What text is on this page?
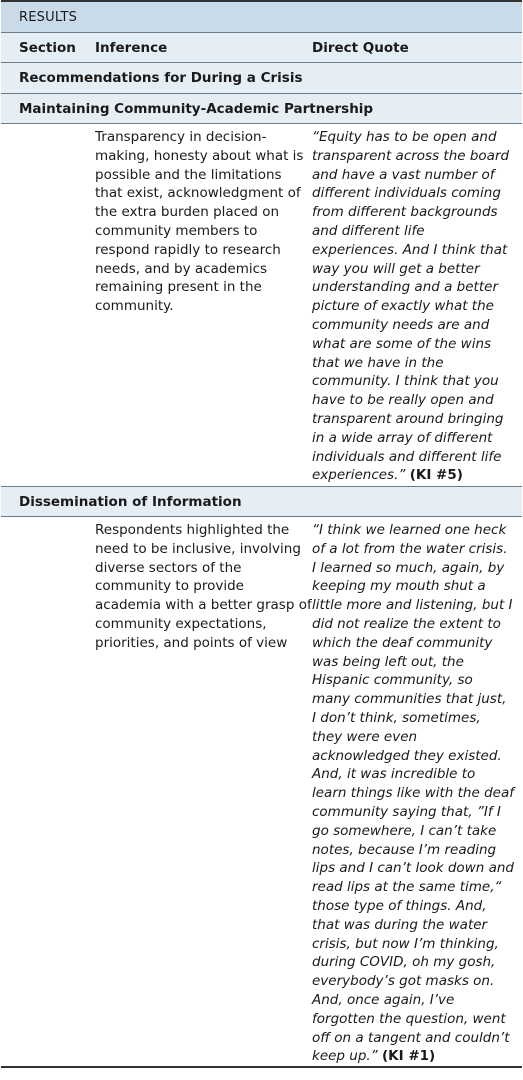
RESULTS
Section	Inference	Direct Quote
Recommendations for During a Crisis
Maintaining Community-Academic Partnership
Transparency in decision-making, honesty about what is possible and the limitations that exist, acknowledgment of the extra burden placed on community members to respond rapidly to research needs, and by academics remaining present in the community.
“Equity has to be open and transparent across the board and have a vast number of different individuals coming from different backgrounds and different life experiences. And I think that way you will get a better understanding and a better picture of exactly what the community needs are and what are some of the wins that we have in the community. I think that you have to be really open and transparent around bringing in a wide array of different individuals and different life experiences.” (KI #5)
Dissemination of Information
Respondents highlighted the need to be inclusive, involving diverse sectors of the community to provide academia with a better grasp of community expectations, priorities, and points of view
“I think we learned one heck of a lot from the water crisis. I learned so much, again, by keeping my mouth shut a little more and listening, but I did not realize the extent to which the deaf community was being left out, the Hispanic community, so many communities that just, I don’t think, sometimes, they were even acknowledged they existed. And, it was incredible to learn things like with the deaf community saying that, ”If I go somewhere, I can’t take notes, because I’m reading lips and I can’t look down and read lips at the same time,“ those type of things. And, that was during the water crisis, but now I’m thinking, during COVID, oh my gosh, everybody’s got masks on. And, once again, I’ve forgotten the question, went off on a tangent and couldn’t keep up.” (KI #1)
